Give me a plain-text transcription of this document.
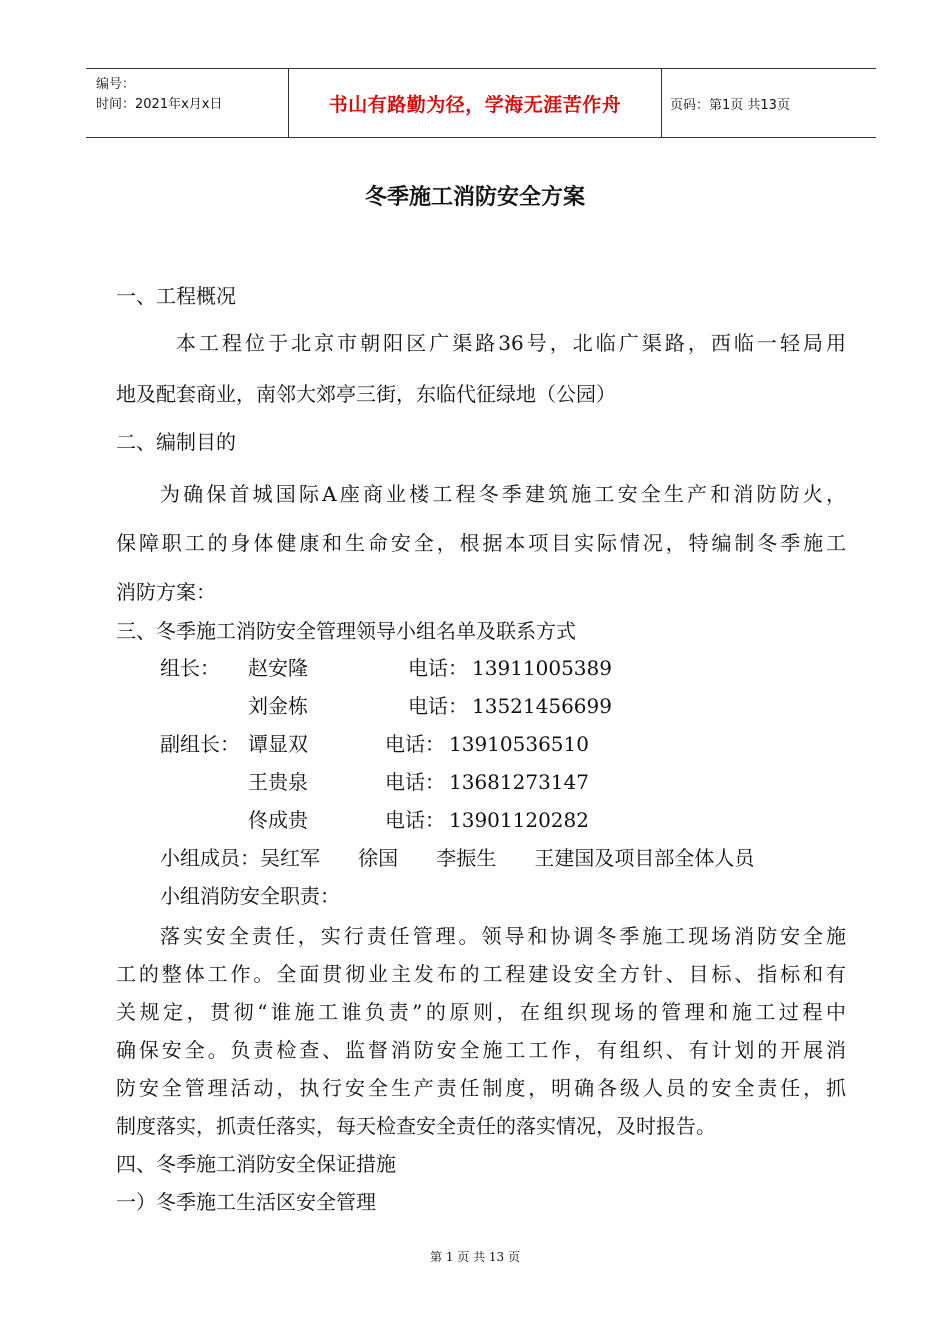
编号：
时间：2021年x月x日	书山有路勤为径，学海无涯苦作舟	页码：第1页 共13页
冬季施工消防安全方案
一、工程概况
本工程位于北京市朝阳区广渠路36号，北临广渠路，西临一轻局用
地及配套商业，南邻大郊亭三街，东临代征绿地（公园）
二、编制目的
为确保首城国际A座商业楼工程冬季建筑施工安全生产和消防防火，
保障职工的身体健康和生命安全，根据本项目实际情况，特编制冬季施工
消防方案：
三、冬季施工消防安全管理领导小组名单及联系方式
组长： 赵安隆	电话： 13911005389
刘金栋	电话： 13521456699
副组长： 谭显双	电话： 13910536510
王贵泉	电话： 13681273147
佟成贵	电话： 13901120282
小组成员：吴红军      徐国      李振生      王建国及项目部全体人员
小组消防安全职责：
落实安全责任，实行责任管理。领导和协调冬季施工现场消防安全施
工的整体工作。全面贯彻业主发布的工程建设安全方针、目标、指标和有
关规定，贯彻“谁施工谁负责”的原则，在组织现场的管理和施工过程中
确保安全。负责检查、监督消防安全施工工作，有组织、有计划的开展消
防安全管理活动，执行安全生产责任制度，明确各级人员的安全责任，抓
制度落实，抓责任落实，每天检查安全责任的落实情况，及时报告。
四、冬季施工消防安全保证措施
一）冬季施工生活区安全管理
第 1 页 共 13 页
